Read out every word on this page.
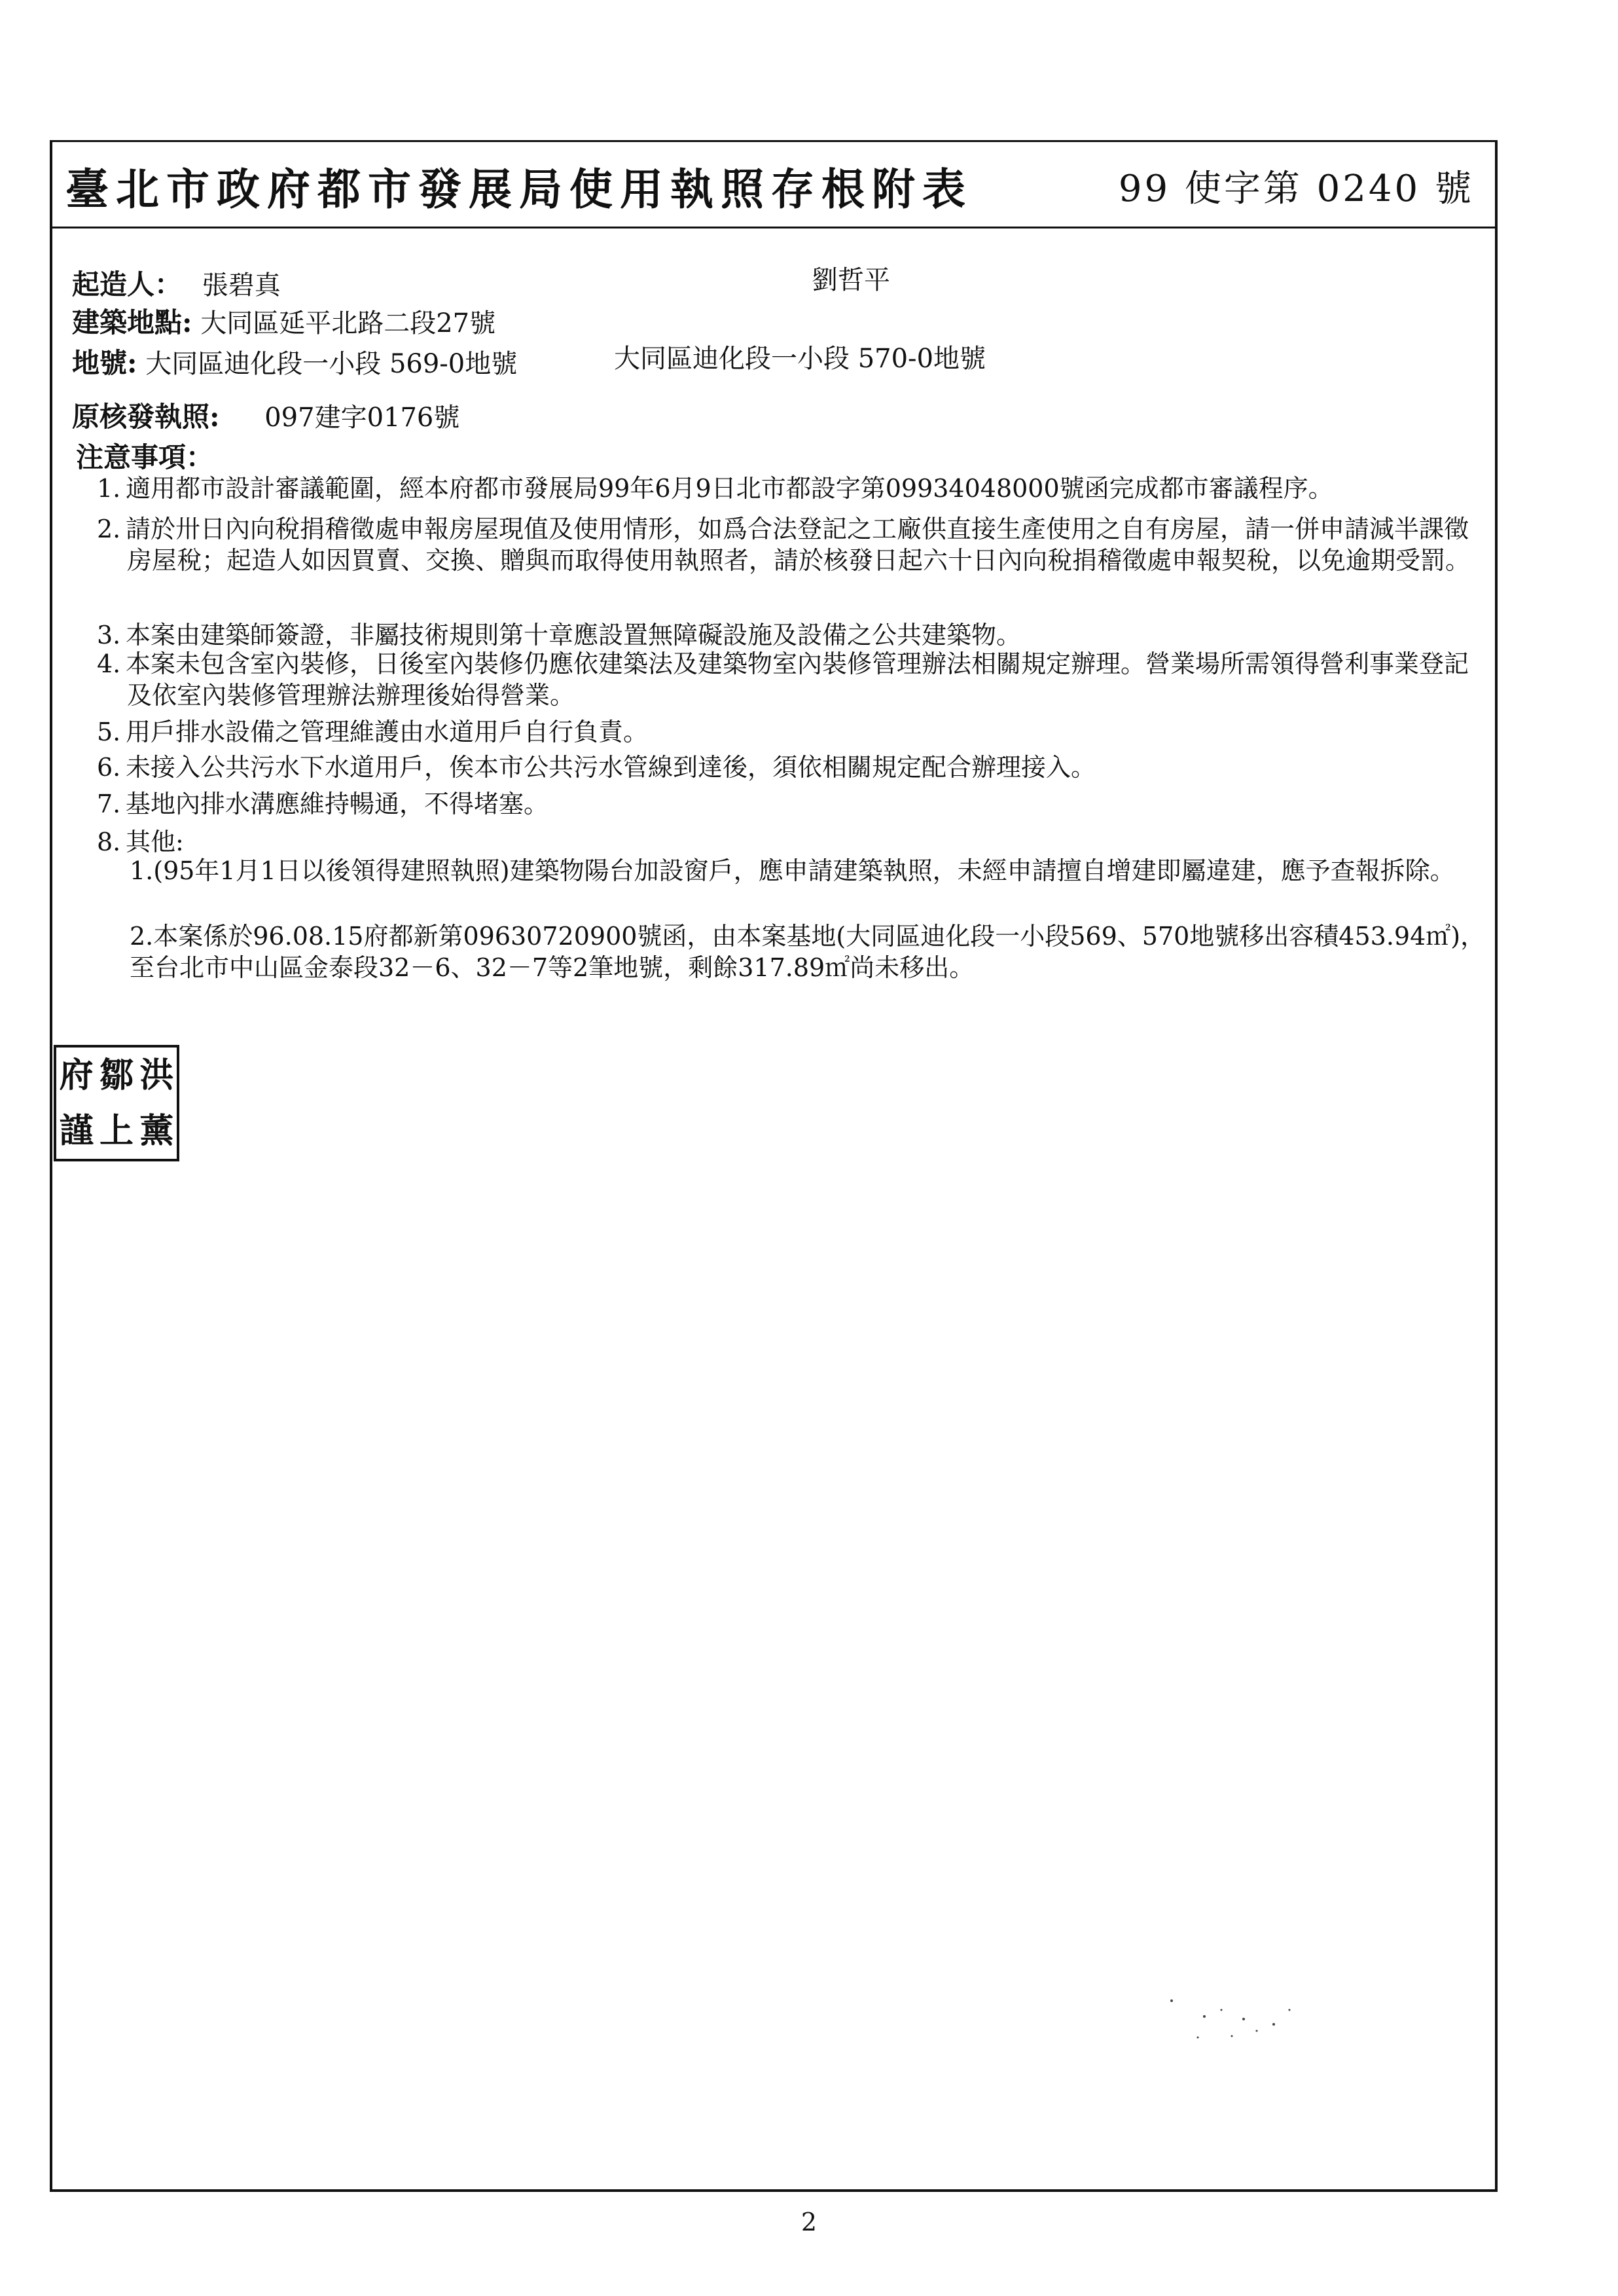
臺北市政府都市發展局使用執照存根附表	99 使字第 0240 號
起造人： 張碧真	劉哲平
建築地點: 大同區延平北路二段27號
地號: 大同區迪化段一小段 569-0地號	大同區迪化段一小段 570-0地號
原核發執照: 097建字0176號
注意事項：
1. 適用都市設計審議範圍，經本府都市發展局99年6月9日北市都設字第09934048000號函完成都市審議程序。
2. 請於卅日內向稅捐稽徵處申報房屋現值及使用情形，如爲合法登記之工廠供直接生產使用之自有房屋，請一併申請減半課徵房屋稅；起造人如因買賣、交換、贈與而取得使用執照者，請於核發日起六十日內向稅捐稽徵處申報契稅，以免逾期受罰。
3. 本案由建築師簽證，非屬技術規則第十章應設置無障礙設施及設備之公共建築物。
4. 本案未包含室內裝修，日後室內裝修仍應依建築法及建築物室內裝修管理辦法相關規定辦理。營業場所需領得營利事業登記及依室內裝修管理辦法辦理後始得營業。
5. 用戶排水設備之管理維護由水道用戶自行負責。
6. 未接入公共污水下水道用戶，俟本市公共污水管線到達後，須依相關規定配合辦理接入。
7. 基地內排水溝應維持暢通，不得堵塞。
8. 其他:
1.(95年1月1日以後領得建照執照)建築物陽台加設窗戶，應申請建築執照，未經申請擅自增建即屬違建，應予查報拆除。
2.本案係於96.08.15府都新第09630720900號函，由本案基地(大同區迪化段一小段569、570地號移出容積453.94㎡)，至台北市中山區金泰段32－6、32－7等2筆地號，剩餘317.89㎡尚未移出。
府 鄒 洪
謹 上 薰
2
